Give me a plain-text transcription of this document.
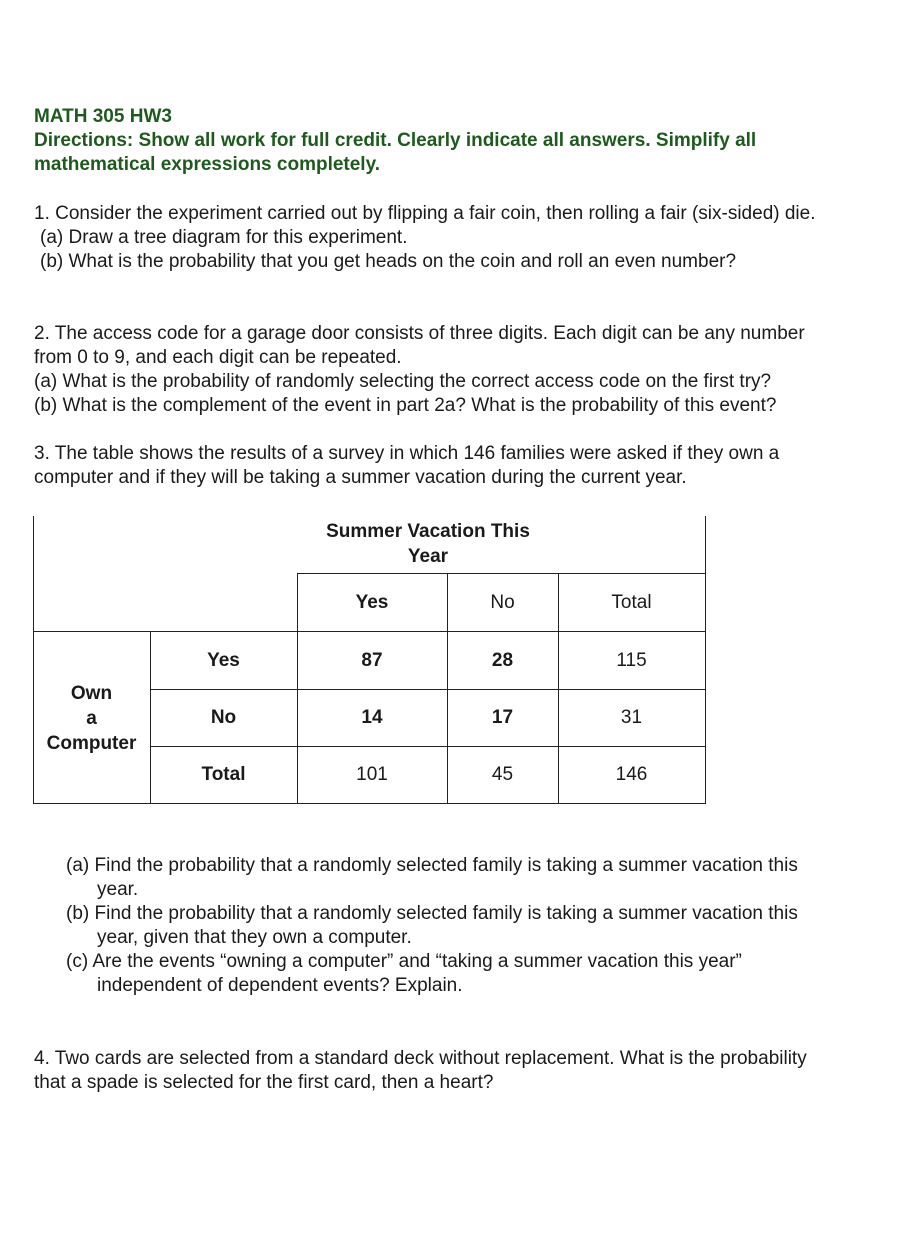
MATH 305 HW3
Directions: Show all work for full credit. Clearly indicate all answers. Simplify all
mathematical expressions completely.
1. Consider the experiment carried out by flipping a fair coin, then rolling a fair (six-sided) die.
(a) Draw a tree diagram for this experiment.
(b) What is the probability that you get heads on the coin and roll an even number?
2. The access code for a garage door consists of three digits. Each digit can be any number
from 0 to 9, and each digit can be repeated.
(a) What is the probability of randomly selecting the correct access code on the first try?
(b) What is the complement of the event in part 2a? What is the probability of this event?
3. The table shows the results of a survey in which 146 families were asked if they own a
computer and if they will be taking a summer vacation during the current year.
Summer Vacation This
Year
Yes	No	Total
Own
a
Computer
Yes	87	28	115
No	14	17	31
Total	101	45	146
(a) Find the probability that a randomly selected family is taking a summer vacation this
year.
(b) Find the probability that a randomly selected family is taking a summer vacation this
year, given that they own a computer.
(c) Are the events “owning a computer” and “taking a summer vacation this year”
independent of dependent events? Explain.
4. Two cards are selected from a standard deck without replacement. What is the probability
that a spade is selected for the first card, then a heart?
